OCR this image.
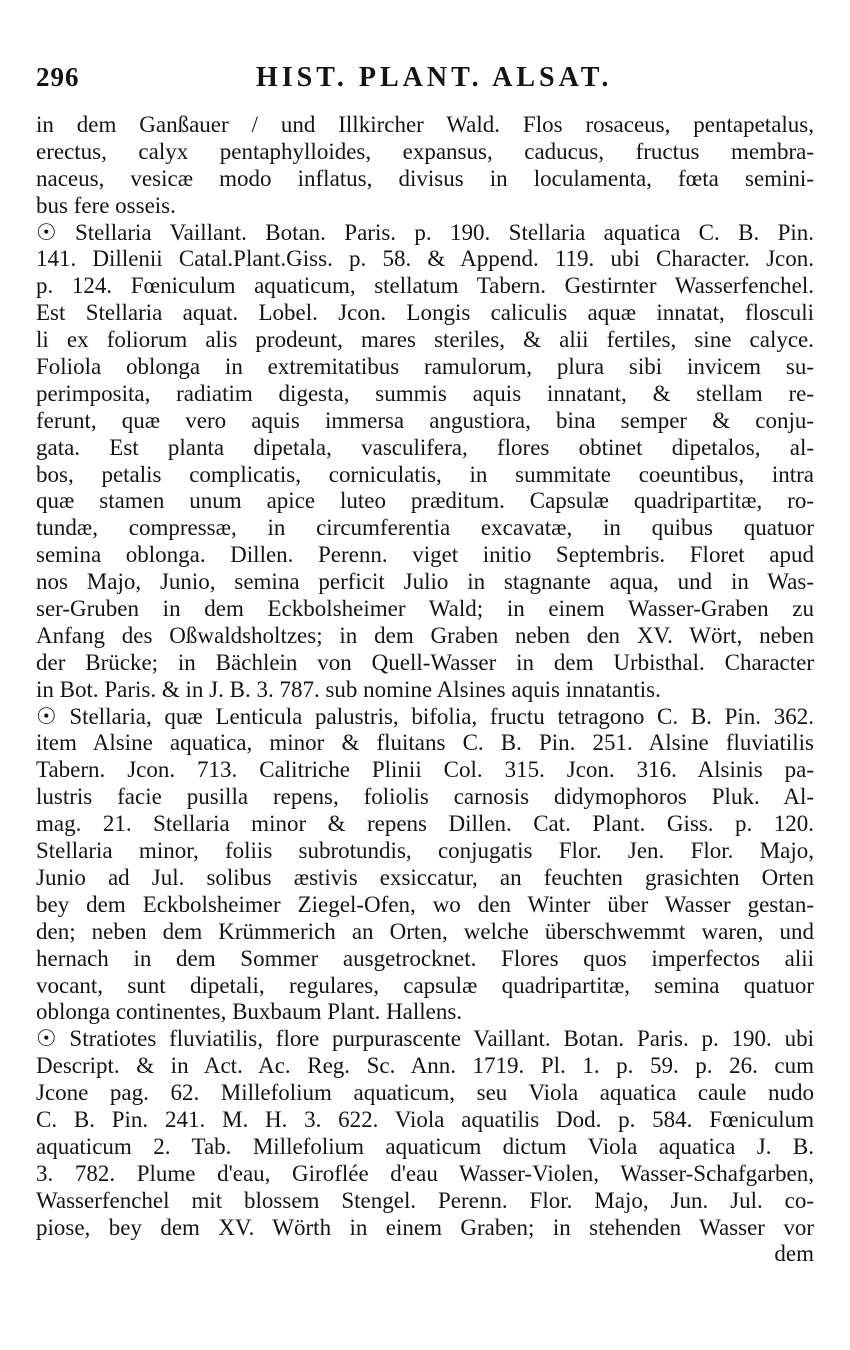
296	HIST. PLANT. ALSAT.
in dem Ganßauer / und Illkircher Wald. Flos rosaceus, pentapetalus,
erectus, calyx pentaphylloides, expansus, caducus, fructus membra-
naceus, vesicæ modo inflatus, divisus in loculamenta, fœta semini-
bus fere osseis.
☉ Stellaria Vaillant. Botan. Paris. p. 190. Stellaria aquatica C. B. Pin.
141. Dillenii Catal.Plant.Giss. p. 58. & Append. 119. ubi Character. Jcon.
p. 124. Fœniculum aquaticum, stellatum Tabern. Gestirnter Wasserfenchel.
Est Stellaria aquat. Lobel. Jcon. Longis caliculis aquæ innatat, flosculi
li ex foliorum alis prodeunt, mares steriles, & alii fertiles, sine calyce.
Foliola oblonga in extremitatibus ramulorum, plura sibi invicem su-
perimposita, radiatim digesta, summis aquis innatant, & stellam re-
ferunt, quæ vero aquis immersa angustiora, bina semper & conju-
gata. Est planta dipetala, vasculifera, flores obtinet dipetalos, al-
bos, petalis complicatis, corniculatis, in summitate coeuntibus, intra
quæ stamen unum apice luteo præditum. Capsulæ quadripartitæ, ro-
tundæ, compressæ, in circumferentia excavatæ, in quibus quatuor
semina oblonga. Dillen. Perenn. viget initio Septembris. Floret apud
nos Majo, Junio, semina perficit Julio in stagnante aqua, und in Was-
ser-Gruben in dem Eckbolsheimer Wald; in einem Wasser-Graben zu
Anfang des Oßwaldsholtzes; in dem Graben neben den XV. Wört, neben
der Brücke; in Bächlein von Quell-Wasser in dem Urbisthal. Character
in Bot. Paris. & in J. B. 3. 787. sub nomine Alsines aquis innatantis.
☉ Stellaria, quæ Lenticula palustris, bifolia, fructu tetragono C. B. Pin. 362.
item Alsine aquatica, minor & fluitans C. B. Pin. 251. Alsine fluviatilis
Tabern. Jcon. 713. Calitriche Plinii Col. 315. Jcon. 316. Alsinis pa-
lustris facie pusilla repens, foliolis carnosis didymophoros Pluk. Al-
mag. 21. Stellaria minor & repens Dillen. Cat. Plant. Giss. p. 120.
Stellaria minor, foliis subrotundis, conjugatis Flor. Jen. Flor. Majo,
Junio ad Jul. solibus æstivis exsiccatur, an feuchten grasichten Orten
bey dem Eckbolsheimer Ziegel-Ofen, wo den Winter über Wasser gestan-
den; neben dem Krümmerich an Orten, welche überschwemmt waren, und
hernach in dem Sommer ausgetrocknet. Flores quos imperfectos alii
vocant, sunt dipetali, regulares, capsulæ quadripartitæ, semina quatuor
oblonga continentes, Buxbaum Plant. Hallens.
☉ Stratiotes fluviatilis, flore purpurascente Vaillant. Botan. Paris. p. 190. ubi
Descript. & in Act. Ac. Reg. Sc. Ann. 1719. Pl. 1. p. 59. p. 26. cum
Jcone pag. 62. Millefolium aquaticum, seu Viola aquatica caule nudo
C. B. Pin. 241. M. H. 3. 622. Viola aquatilis Dod. p. 584. Fœniculum
aquaticum 2. Tab. Millefolium aquaticum dictum Viola aquatica J. B.
3. 782. Plume d'eau, Giroflée d'eau Wasser-Violen, Wasser-Schafgarben,
Wasserfenchel mit blossem Stengel. Perenn. Flor. Majo, Jun. Jul. co-
piose, bey dem XV. Wörth in einem Graben; in stehenden Wasser vor
dem
